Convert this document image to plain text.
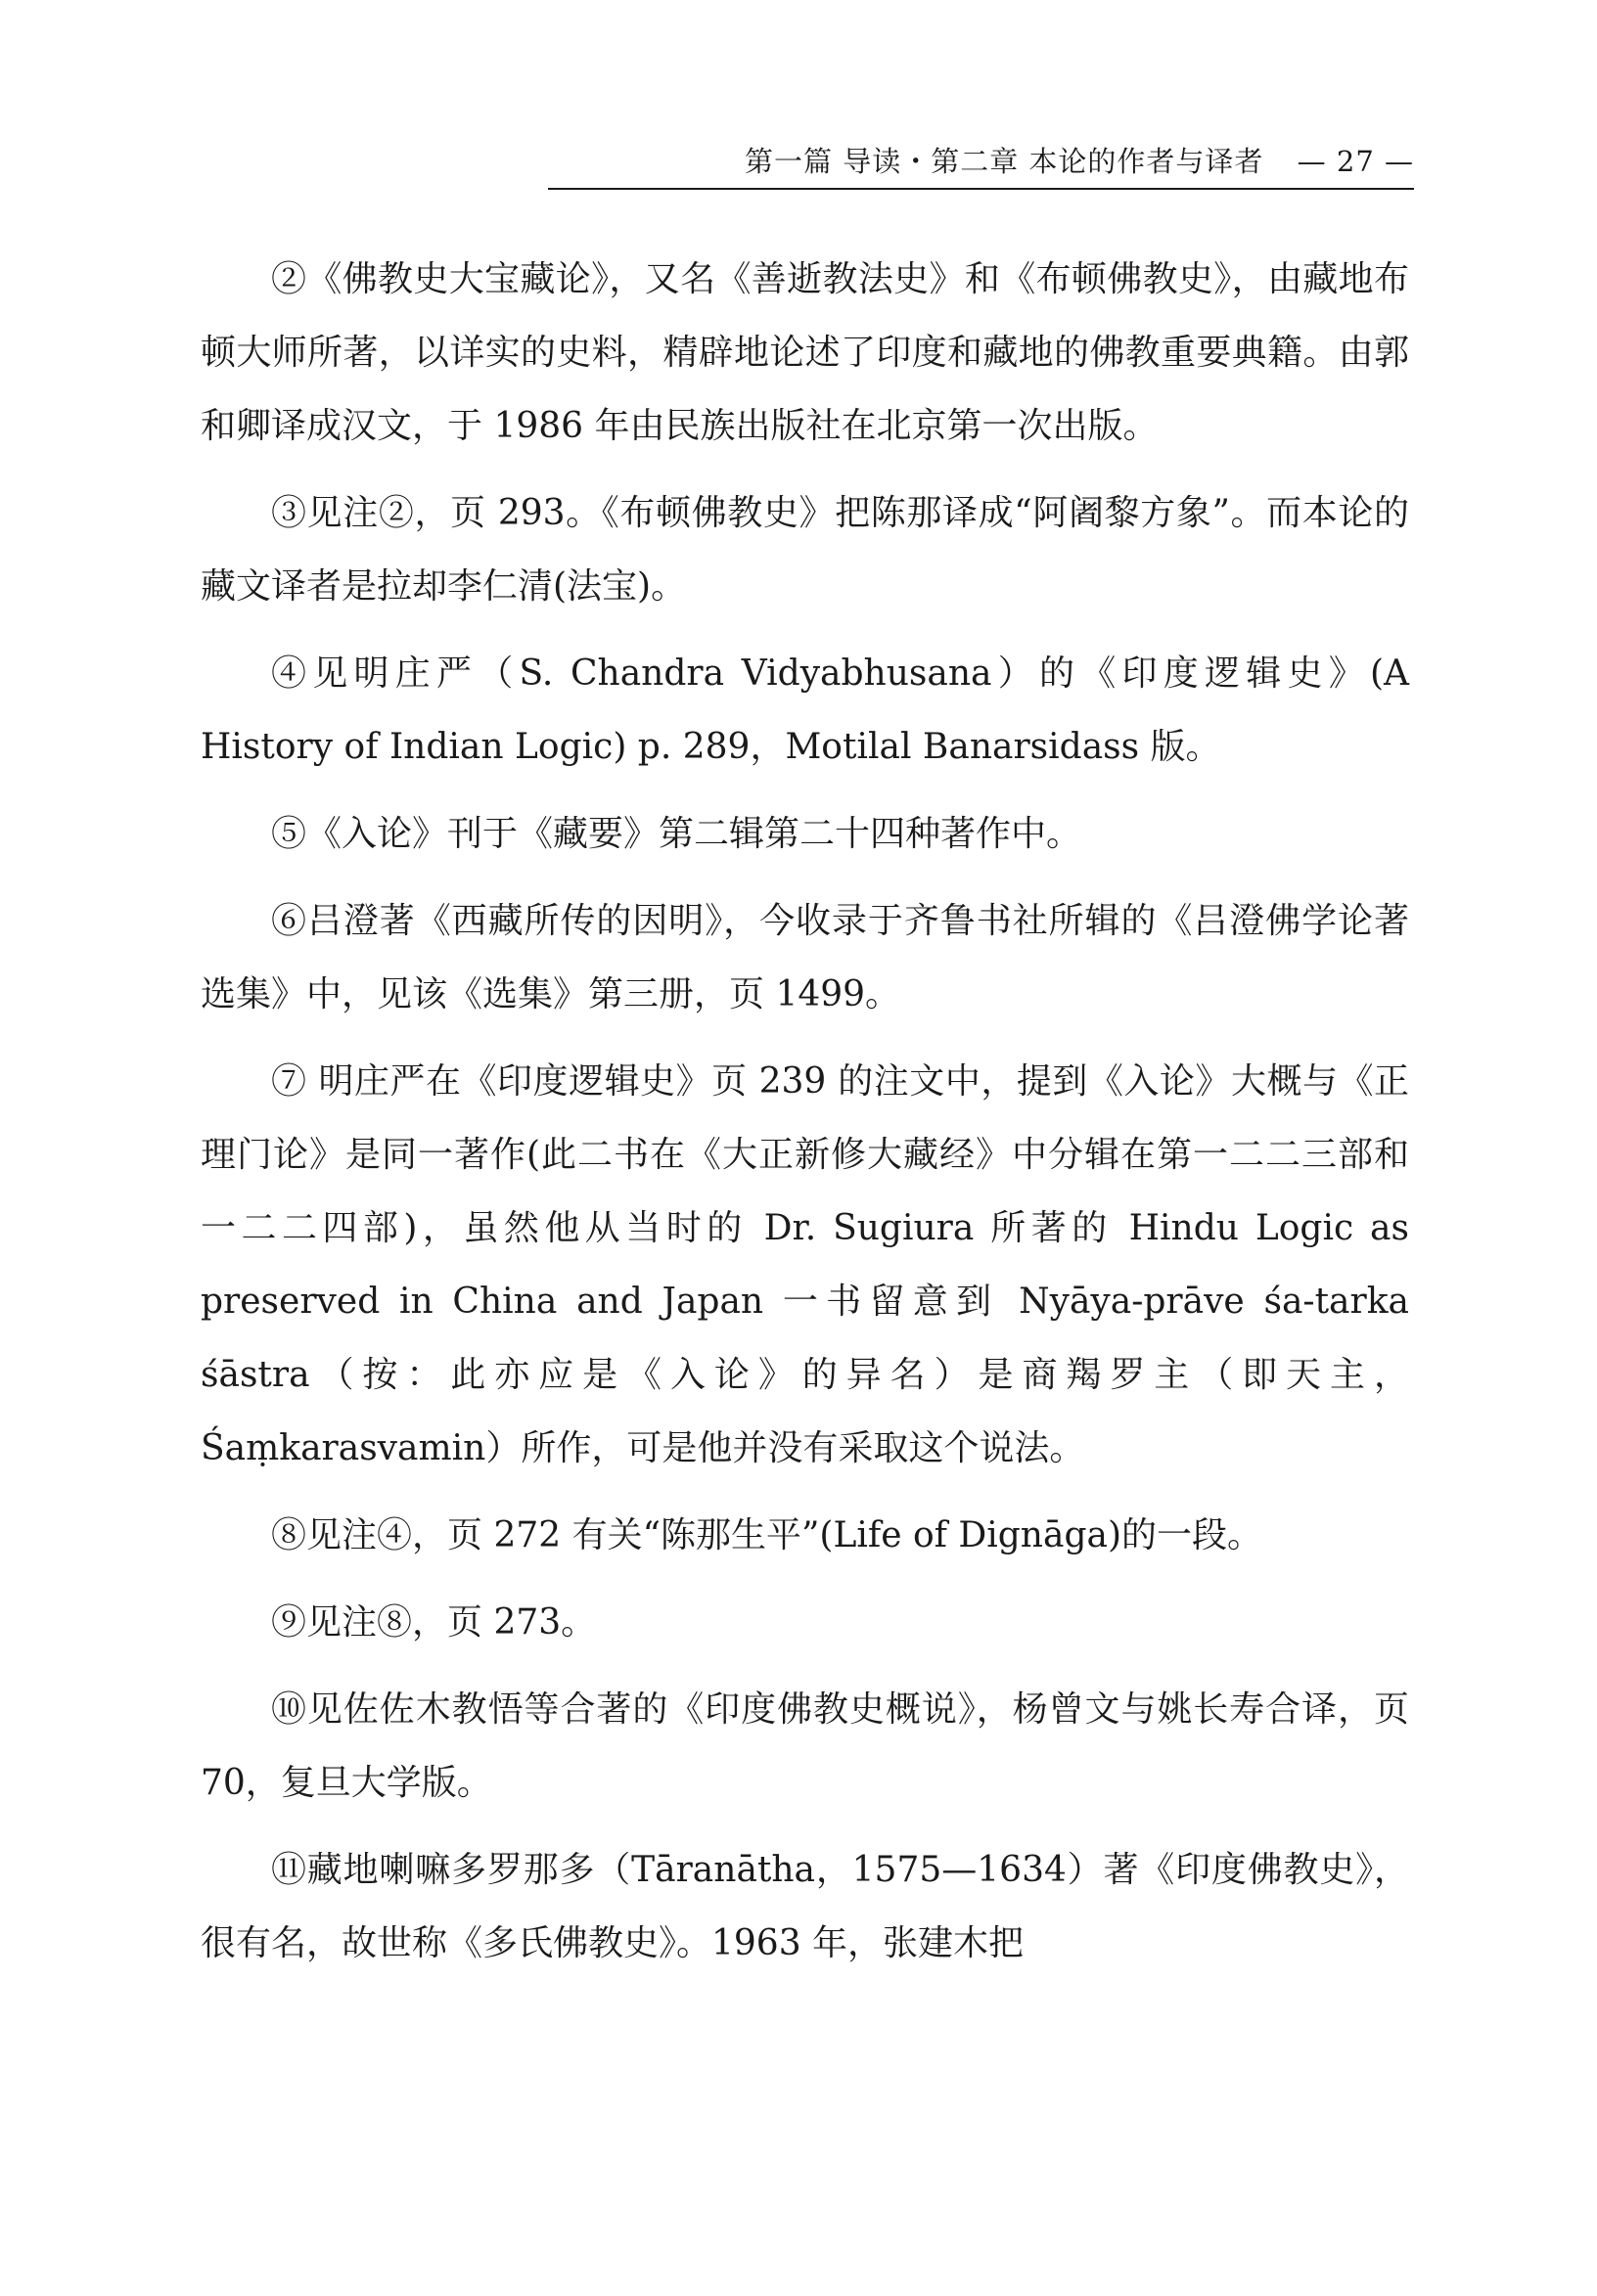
第一篇 导读・第二章 本论的作者与译者 — 27 —

②《佛教史大宝藏论》，又名《善逝教法史》和《布顿佛教史》，由藏地布顿大师所著，以详实的史料，精辟地论述了印度和藏地的佛教重要典籍。由郭和卿译成汉文，于 1986 年由民族出版社在北京第一次出版。

③见注②，页 293。《布顿佛教史》把陈那译成“阿阇黎方象”。而本论的藏文译者是拉却李仁清(法宝)。

④见明庄严（S. Chandra Vidyabhusana）的《印度逻辑史》(A History of Indian Logic) p. 289，Motilal Banarsidass 版。

⑤《入论》刊于《藏要》第二辑第二十四种著作中。

⑥吕澄著《西藏所传的因明》，今收录于齐鲁书社所辑的《吕澄佛学论著选集》中，见该《选集》第三册，页 1499。

⑦ 明庄严在《印度逻辑史》页 239 的注文中，提到《入论》大概与《正理门论》是同一著作(此二书在《大正新修大藏经》中分辑在第一二二三部和一二二四部)，虽然他从当时的 Dr. Sugiura 所著的 Hindu Logic as preserved in China and Japan 一书留意到 Nyāya-prāve śa-tarka śāstra（按：此亦应是《入论》的异名）是商羯罗主（即天主，Śaṃkarasvamin）所作，可是他并没有采取这个说法。

⑧见注④，页 272 有关“陈那生平”(Life of Dignāga)的一段。

⑨见注⑧，页 273。

⑩见佐佐木教悟等合著的《印度佛教史概说》，杨曾文与姚长寿合译，页 70，复旦大学版。

⑪藏地喇嘛多罗那多（Tāranātha，1575—1634）著《印度佛教史》，很有名，故世称《多氏佛教史》。1963 年，张建木把
